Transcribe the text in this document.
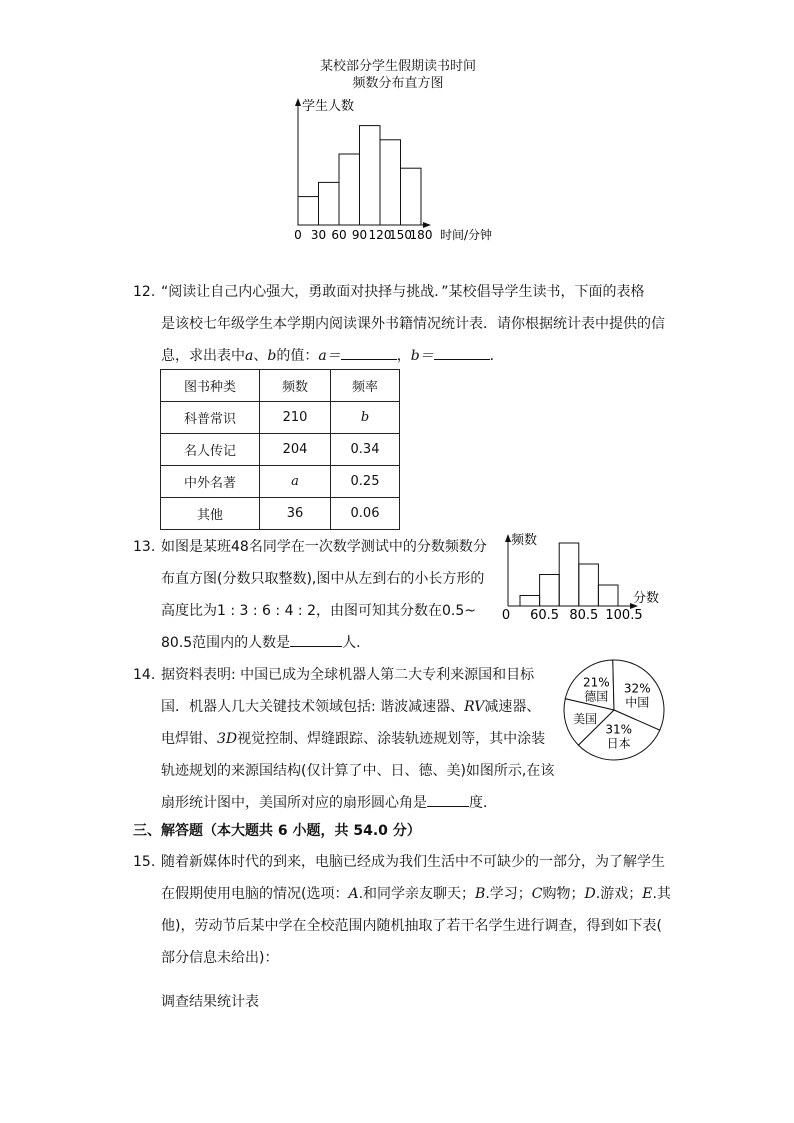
某校部分学生假期读书时间
频数分布直方图
学生人数
时间/分钟
0 30 60 90 120
150
180
12. “阅读让自己内心强大，勇敢面对抉择与挑战．”某校倡导学生读书，下面的表格
是该校七年级学生本学期内阅读课外书籍情况统计表．请你根据统计表中提供的信
息，求出表中a、b的值：a＝	，b＝	．
图书种类	频数	频率
科普常识	210	b
名人传记	204	0.34
中外名著	a	0.25
其他	36	0.06
13. 如图是某班48名同学在一次数学测试中的分数频数分
布直方图(分数只取整数),图中从左到右的小长方形的
高度比为1 : 3 : 6 : 4 : 2，由图可知其分数在0.5~
80.5范围内的人数是	人．
频数
分数
0 60.5 80.5 100.5
14. 据资料表明: 中国已成为全球机器人第二大专利来源国和目标
国．机器人几大关键技术领域包括: 谐波减速器、RV减速器、
电焊钳、3D视觉控制、焊缝跟踪、涂装轨迹规划等，其中涂装
轨迹规划的来源国结构(仅计算了中、日、德、美)如图所示,在该
扇形统计图中，美国所对应的扇形圆心角是	度．
21%
德国
32%
中国
31%
日本
美国
三、解答题（本大题共 6 小题，共 54.0 分）
15. 随着新媒体时代的到来，电脑已经成为我们生活中不可缺少的一部分，为了解学生
在假期使用电脑的情况(选项：A.和同学亲友聊天；B.学习；C购物；D.游戏；E.其
他)，劳动节后某中学在全校范围内随机抽取了若干名学生进行调查，得到如下表(
部分信息未给出)：
调查结果统计表
